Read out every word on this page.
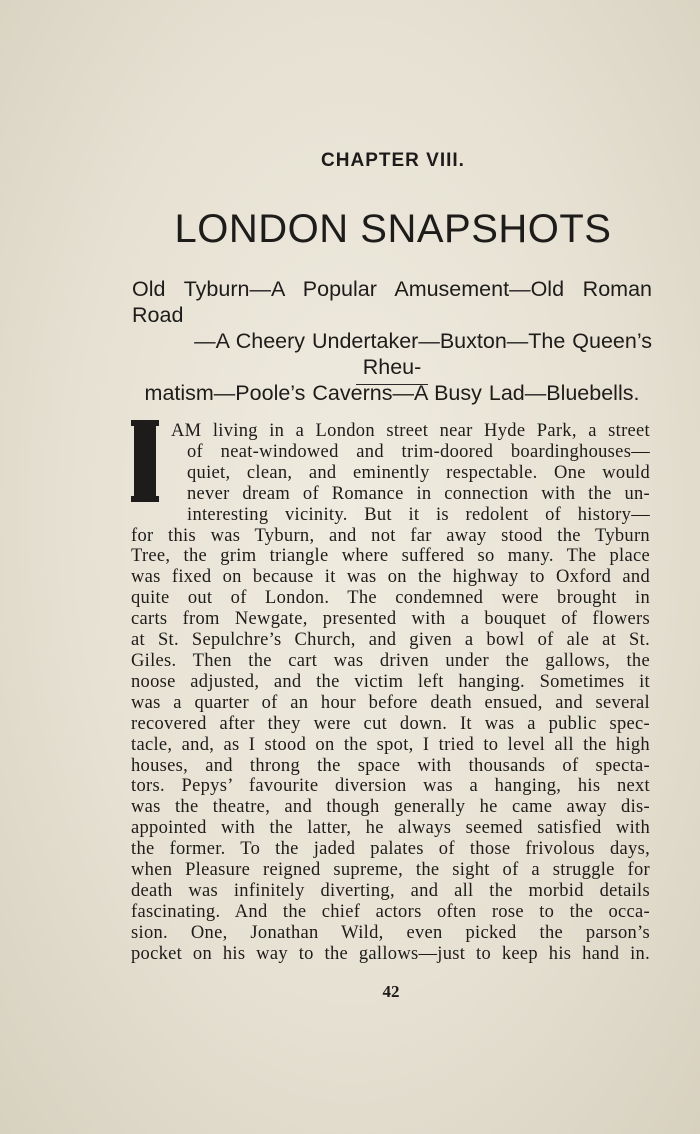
CHAPTER VIII.
LONDON SNAPSHOTS
Old Tyburn—A Popular Amusement—Old Roman Road
—A Cheery Undertaker—Buxton—The Queen’s Rheu-
matism—Poole’s Caverns—A Busy Lad—Bluebells.
AM living in a London street near Hyde Park, a street
of neat-windowed and trim-doored boardinghouses—
quiet, clean, and eminently respectable. One would
never dream of Romance in connection with the un-
interesting vicinity. But it is redolent of history—
for this was Tyburn, and not far away stood the Tyburn
Tree, the grim triangle where suffered so many. The place
was fixed on because it was on the highway to Oxford and
quite out of London. The condemned were brought in
carts from Newgate, presented with a bouquet of flowers
at St. Sepulchre’s Church, and given a bowl of ale at St.
Giles. Then the cart was driven under the gallows, the
noose adjusted, and the victim left hanging. Sometimes it
was a quarter of an hour before death ensued, and several
recovered after they were cut down. It was a public spec-
tacle, and, as I stood on the spot, I tried to level all the high
houses, and throng the space with thousands of specta-
tors. Pepys’ favourite diversion was a hanging, his next
was the theatre, and though generally he came away dis-
appointed with the latter, he always seemed satisfied with
the former. To the jaded palates of those frivolous days,
when Pleasure reigned supreme, the sight of a struggle for
death was infinitely diverting, and all the morbid details
fascinating. And the chief actors often rose to the occa-
sion. One, Jonathan Wild, even picked the parson’s
pocket on his way to the gallows—just to keep his hand in.
42
